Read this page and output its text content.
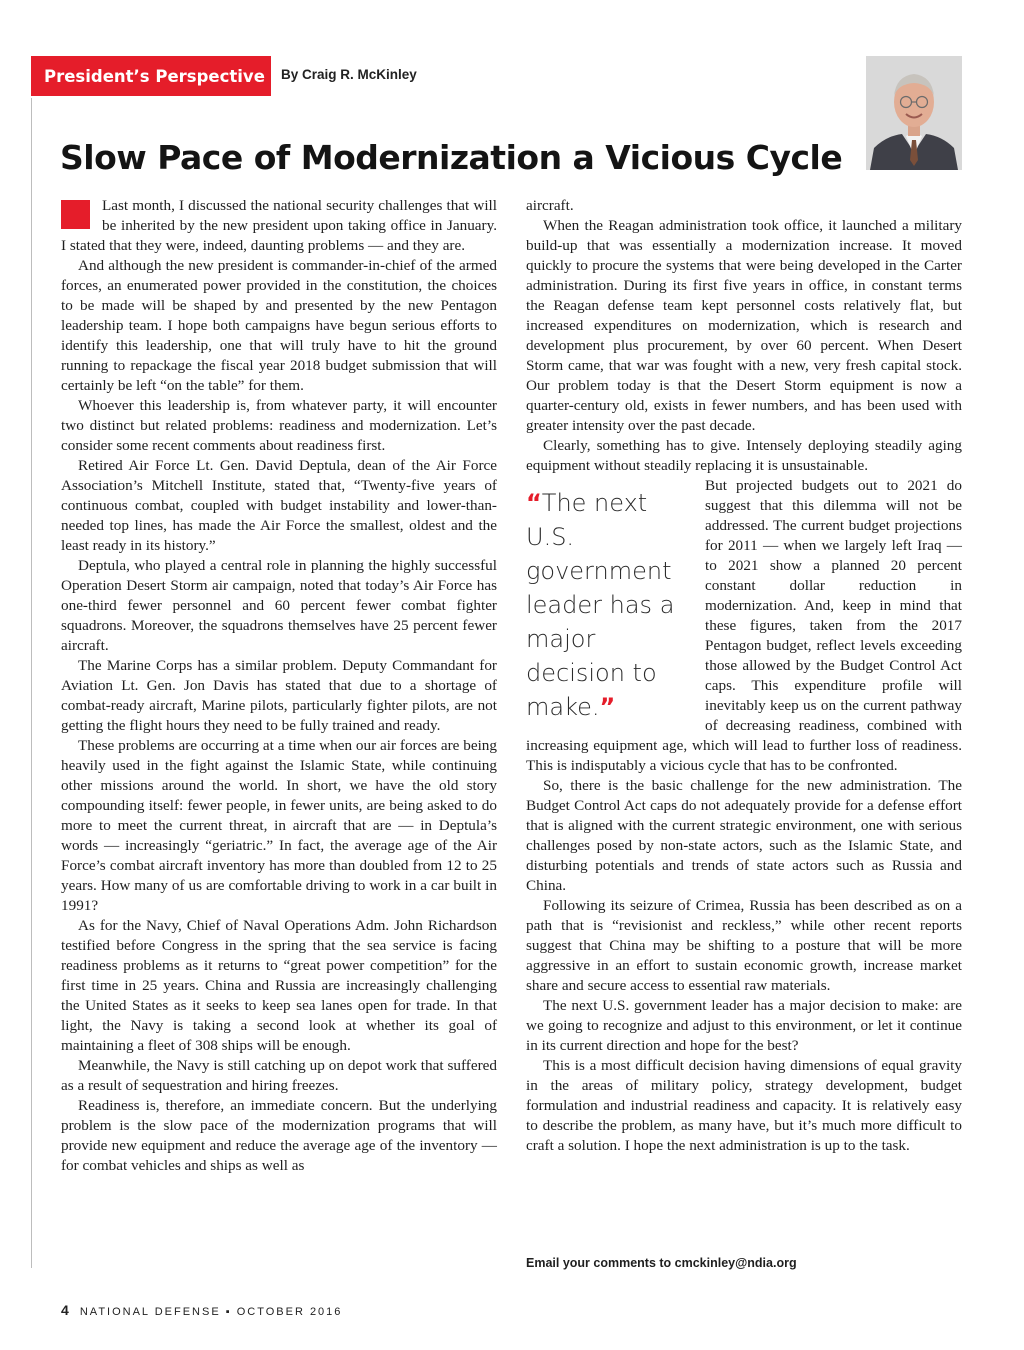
President’s Perspective	By Craig R. McKinley
Slow Pace of Modernization a Vicious Cycle

Last month, I discussed the national security challenges that will be inherited by the new president upon taking office in January. I stated that they were, indeed, daunting problems — and they are.

And although the new president is commander-in-chief of the armed forces, an enumerated power provided in the constitution, the choices to be made will be shaped by and presented by the new Pentagon leadership team. I hope both campaigns have begun serious efforts to identify this leadership, one that will truly have to hit the ground running to repackage the fiscal year 2018 budget submission that will certainly be left “on the table” for them.

Whoever this leadership is, from whatever party, it will encounter two distinct but related problems: readiness and modernization. Let’s consider some recent comments about readiness first.

Retired Air Force Lt. Gen. David Deptula, dean of the Air Force Association’s Mitchell Institute, stated that, “Twenty-five years of continuous combat, coupled with budget instability and lower-than-needed top lines, has made the Air Force the smallest, oldest and the least ready in its history.”

Deptula, who played a central role in planning the highly successful Operation Desert Storm air campaign, noted that today’s Air Force has one-third fewer personnel and 60 percent fewer combat fighter squadrons. Moreover, the squadrons themselves have 25 percent fewer aircraft.

The Marine Corps has a similar problem. Deputy Commandant for Aviation Lt. Gen. Jon Davis has stated that due to a shortage of combat-ready aircraft, Marine pilots, particularly fighter pilots, are not getting the flight hours they need to be fully trained and ready.

These problems are occurring at a time when our air forces are being heavily used in the fight against the Islamic State, while continuing other missions around the world. In short, we have the old story compounding itself: fewer people, in fewer units, are being asked to do more to meet the current threat, in aircraft that are — in Deptula’s words — increasingly “geriatric.” In fact, the average age of the Air Force’s combat aircraft inventory has more than doubled from 12 to 25 years. How many of us are comfortable driving to work in a car built in 1991?

As for the Navy, Chief of Naval Operations Adm. John Richardson testified before Congress in the spring that the sea service is facing readiness problems as it returns to “great power competition” for the first time in 25 years. China and Russia are increasingly challenging the United States as it seeks to keep sea lanes open for trade. In that light, the Navy is taking a second look at whether its goal of maintaining a fleet of 308 ships will be enough.

Meanwhile, the Navy is still catching up on depot work that suffered as a result of sequestration and hiring freezes.

Readiness is, therefore, an immediate concern. But the underlying problem is the slow pace of the modernization programs that will provide new equipment and reduce the average age of the inventory — for combat vehicles and ships as well as

aircraft.

When the Reagan administration took office, it launched a military build-up that was essentially a modernization increase. It moved quickly to procure the systems that were being developed in the Carter administration. During its first five years in office, in constant terms the Reagan defense team kept personnel costs relatively flat, but increased expenditures on modernization, which is research and development plus procurement, by over 60 percent. When Desert Storm came, that war was fought with a new, very fresh capital stock. Our problem today is that the Desert Storm equipment is now a quarter-century old, exists in fewer numbers, and has been used with greater intensity over the past decade.

Clearly, something has to give. Intensely deploying steadily aging equipment without steadily replacing it is unsustainable.

“The next U.S. government leader has a major decision to make.”

But projected budgets out to 2021 do suggest that this dilemma will not be addressed. The current budget projections for 2011 — when we largely left Iraq — to 2021 show a planned 20 percent constant dollar reduction in modernization. And, keep in mind that these figures, taken from the 2017 Pentagon budget, reflect levels exceeding those allowed by the Budget Control Act caps. This expenditure profile will inevitably keep us on the current pathway of decreasing readiness, combined with increasing equipment age, which will lead to further loss of readiness. This is indisputably a vicious cycle that has to be confronted.

So, there is the basic challenge for the new administration. The Budget Control Act caps do not adequately provide for a defense effort that is aligned with the current strategic environment, one with serious challenges posed by non-state actors, such as the Islamic State, and disturbing potentials and trends of state actors such as Russia and China.

Following its seizure of Crimea, Russia has been described as on a path that is “revisionist and reckless,” while other recent reports suggest that China may be shifting to a posture that will be more aggressive in an effort to sustain economic growth, increase market share and secure access to essential raw materials.

The next U.S. government leader has a major decision to make: are we going to recognize and adjust to this environment, or let it continue in its current direction and hope for the best?

This is a most difficult decision having dimensions of equal gravity in the areas of military policy, strategy development, budget formulation and industrial readiness and capacity. It is relatively easy to describe the problem, as many have, but it’s much more difficult to craft a solution. I hope the next administration is up to the task.

Email your comments to cmckinley@ndia.org
4 NATIONAL DEFENSE ▪ OCTOBER 2016
